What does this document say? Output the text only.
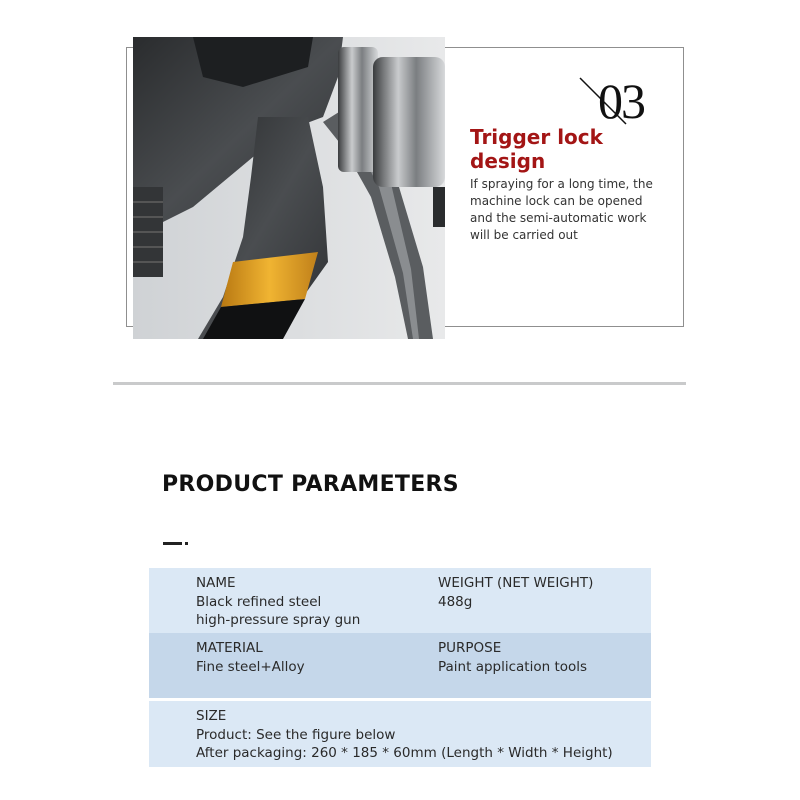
03
Trigger lock
design
If spraying for a long time, the
machine lock can be opened
and the semi-automatic work
will be carried out
PRODUCT PARAMETERS
NAME
Black refined steel
high-pressure spray gun
WEIGHT (NET WEIGHT)
488g
MATERIAL
Fine steel+Alloy
PURPOSE
Paint application tools
SIZE
Product: See the figure below
After packaging: 260 * 185 * 60mm (Length * Width * Height)
